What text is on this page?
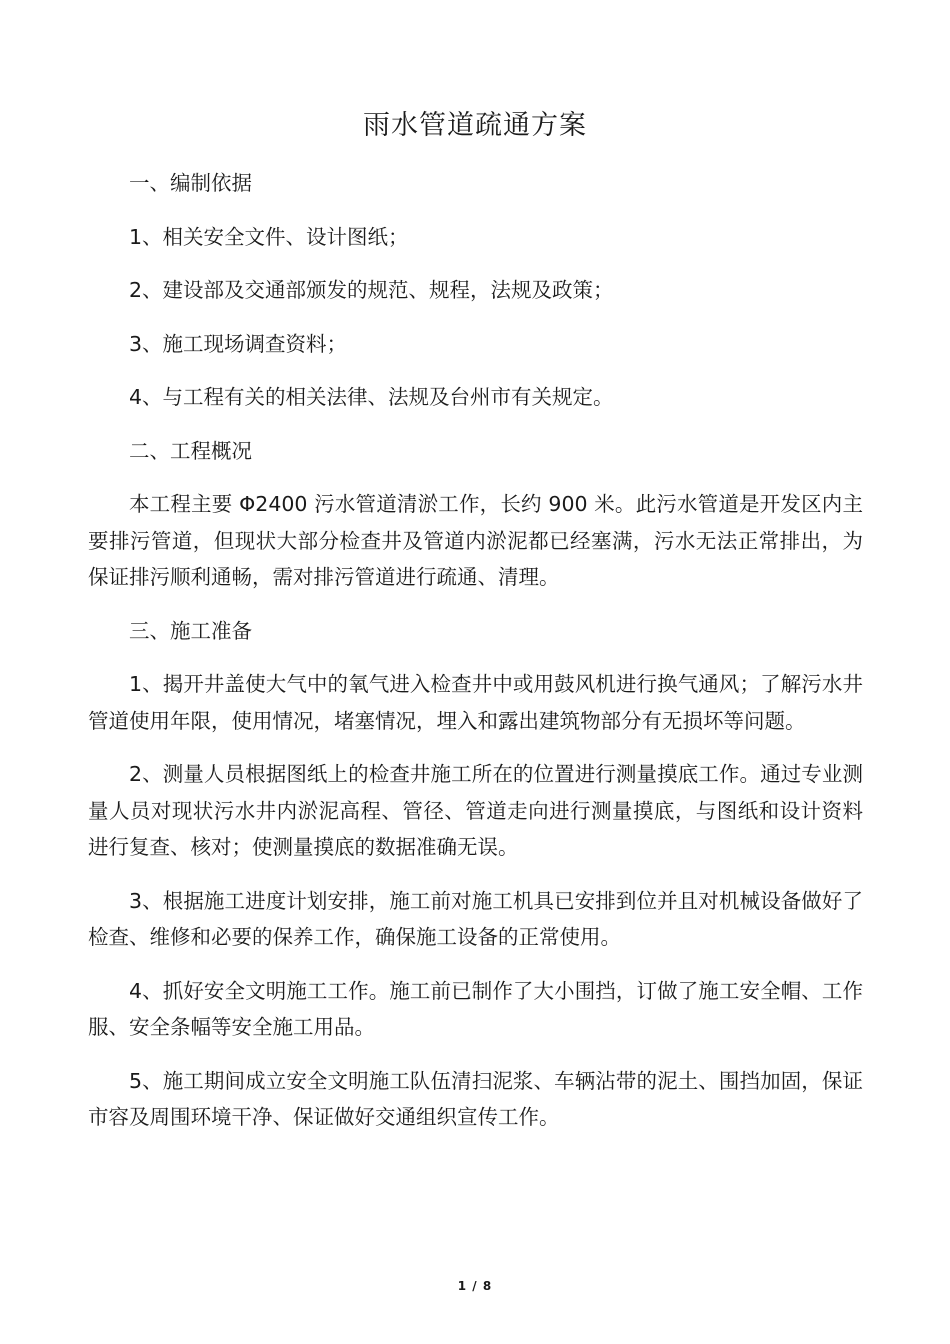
雨水管道疏通方案

一、编制依据

1、相关安全文件、设计图纸；

2、建设部及交通部颁发的规范、规程，法规及政策；

3、施工现场调查资料；

4、与工程有关的相关法律、法规及台州市有关规定。

二、工程概况

本工程主要 Φ2400 污水管道清淤工作，长约 900 米。此污水管道是开发区内主要排污管道，但现状大部分检查井及管道内淤泥都已经塞满，污水无法正常排出，为保证排污顺利通畅，需对排污管道进行疏通、清理。

三、施工准备

1、揭开井盖使大气中的氧气进入检查井中或用鼓风机进行换气通风；了解污水井管道使用年限，使用情况，堵塞情况，埋入和露出建筑物部分有无损坏等问题。

2、测量人员根据图纸上的检查井施工所在的位置进行测量摸底工作。通过专业测量人员对现状污水井内淤泥高程、管径、管道走向进行测量摸底，与图纸和设计资料进行复查、核对；使测量摸底的数据准确无误。

3、根据施工进度计划安排，施工前对施工机具已安排到位并且对机械设备做好了检查、维修和必要的保养工作，确保施工设备的正常使用。

4、抓好安全文明施工工作。施工前已制作了大小围挡，订做了施工安全帽、工作服、安全条幅等安全施工用品。

5、施工期间成立安全文明施工队伍清扫泥浆、车辆沾带的泥土、围挡加固，保证市容及周围环境干净、保证做好交通组织宣传工作。

1 / 8
